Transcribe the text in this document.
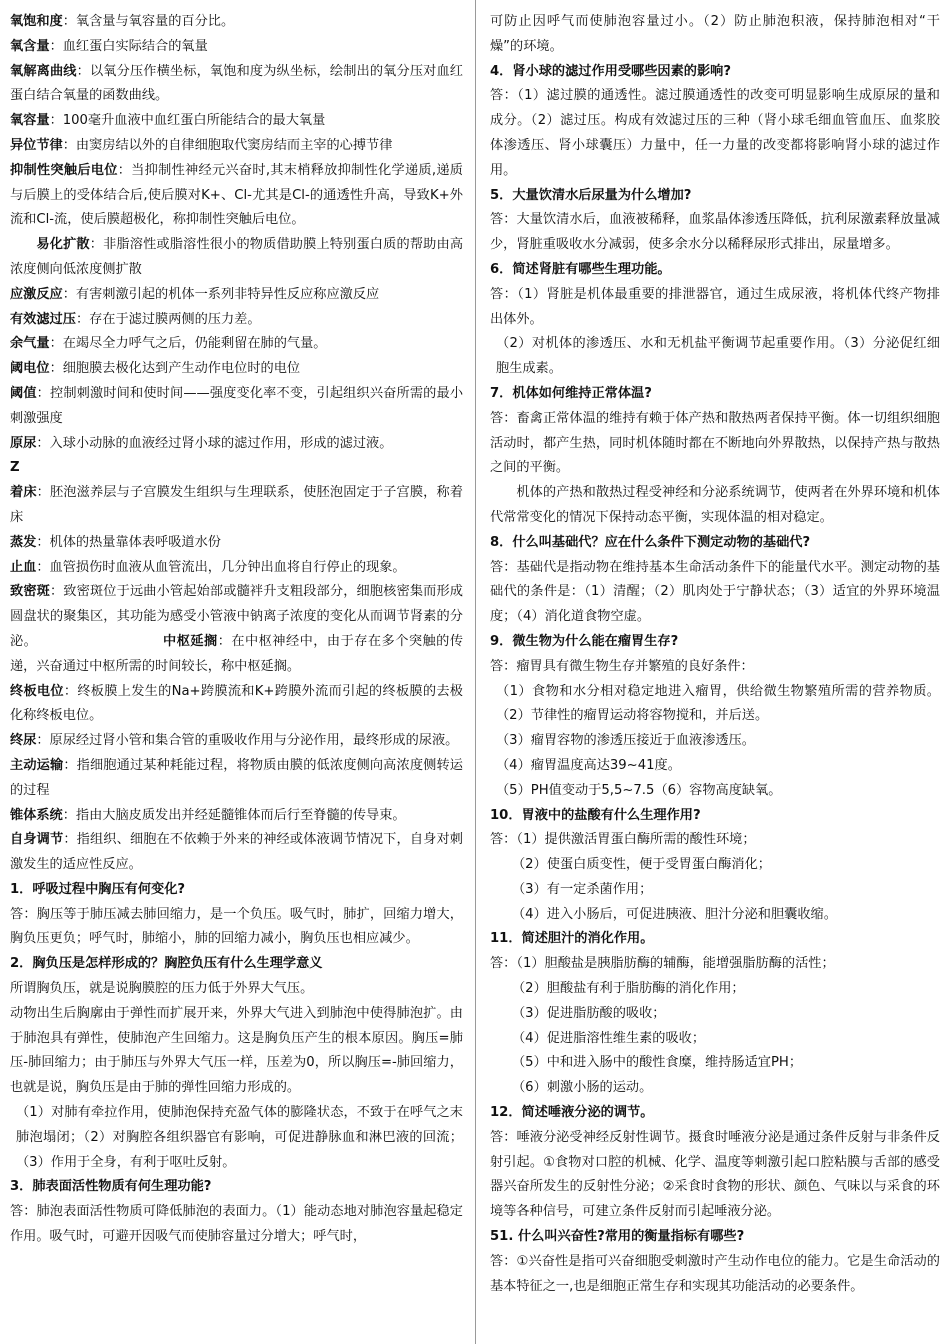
氧饱和度：氧含量与氧容量的百分比。
氧含量：血红蛋白实际结合的氧量
氧解离曲线：以氧分压作横坐标，氧饱和度为纵坐标，绘制出的氧分压对血红蛋白结合氧量的函数曲线。
氧容量：100毫升血液中血红蛋白所能结合的最大氧量
异位节律：由窦房结以外的自律细胞取代窦房结而主宰的心搏节律
抑制性突触后电位：当抑制性神经元兴奋时,其末梢释放抑制性化学递质,递质与后膜上的受体结合后,使后膜对K+、Cl-尤其是Cl-的通透性升高，导致K+外流和Cl-流，使后膜超极化，称抑制性突触后电位。
易化扩散：非脂溶性或脂溶性很小的物质借助膜上特别蛋白质的帮助由高浓度侧向低浓度侧扩散
应激反应：有害刺激引起的机体一系列非特异性反应称应激反应
有效滤过压：存在于滤过膜两侧的压力差。
余气量：在竭尽全力呼气之后，仍能剩留在肺的气量。
阈电位：细胞膜去极化达到产生动作电位时的电位
阈值：控制刺激时间和使时间——强度变化率不变，引起组织兴奋所需的最小刺激强度
原尿：入球小动脉的血液经过肾小球的滤过作用，形成的滤过液。
Z
着床：胚泡滋养层与子宫膜发生组织与生理联系，使胚泡固定于子宫膜，称着床
蒸发：机体的热量靠体表呼吸道水份
止血：血管损伤时血液从血管流出，几分钟出血将自行停止的现象。
致密斑：致密斑位于远曲小管起始部或髓袢升支粗段部分，细胞核密集而形成圆盘状的聚集区，其功能为感受小管液中钠离子浓度的变化从而调节肾素的分泌。          	中枢延搁：在中枢神经中，由于存在多个突触的传递，兴奋通过中枢所需的时间较长，称中枢延搁。
终板电位：终板膜上发生的Na+跨膜流和K+跨膜外流而引起的终板膜的去极化称终板电位。
终尿：原尿经过肾小管和集合管的重吸收作用与分泌作用，最终形成的尿液。
主动运输：指细胞通过某种耗能过程，将物质由膜的低浓度侧向高浓度侧转运的过程
锥体系统：指由大脑皮质发出并经延髓锥体而后行至脊髓的传导束。
自身调节：指组织、细胞在不依赖于外来的神经或体液调节情况下，自身对刺激发生的适应性反应。
1．呼吸过程中胸压有何变化?
答：胸压等于肺压减去肺回缩力，是一个负压。吸气时，肺扩，回缩力增大，胸负压更负；呼气时，肺缩小，肺的回缩力减小，胸负压也相应减少。
2．胸负压是怎样形成的？胸腔负压有什么生理学意义
所谓胸负压，就是说胸膜腔的压力低于外界大气压。
动物出生后胸廓由于弹性而扩展开来，外界大气进入到肺泡中使得肺泡扩。由于肺泡具有弹性，使肺泡产生回缩力。这是胸负压产生的根本原因。胸压=肺压-肺回缩力；由于肺压与外界大气压一样，压差为0，所以胸压=-肺回缩力，也就是说，胸负压是由于肺的弹性回缩力形成的。
（1）对肺有牵拉作用，使肺泡保持充盈气体的膨隆状态，不致于在呼气之末肺泡塌闭；（2）对胸腔各组织器官有影响，可促进静脉血和淋巴液的回流；（3）作用于全身，有利于呕吐反射。
3．肺表面活性物质有何生理功能?
答：肺泡表面活性物质可降低肺泡的表面力。（1）能动态地对肺泡容量起稳定作用。吸气时，可避开因吸气而使肺容量过分增大；呼气时，
可防止因呼气而使肺泡容量过小。（2）防止肺泡积液，保持肺泡相对“干燥”的环境。
4．肾小球的滤过作用受哪些因素的影响?
答：（1）滤过膜的通透性。滤过膜通透性的改变可明显影响生成原尿的量和成分。（2）滤过压。构成有效滤过压的三种（肾小球毛细血管血压、血浆胶体渗透压、肾小球囊压）力量中，任一力量的改变都将影响肾小球的滤过作用。
5．大量饮清水后尿量为什么增加?
答：大量饮清水后，血液被稀释，血浆晶体渗透压降低，抗利尿激素释放量减少，肾脏重吸收水分减弱，使多余水分以稀释尿形式排出，尿量增多。
6．简述肾脏有哪些生理功能。
答：（1）肾脏是机体最重要的排泄器官，通过生成尿液，将机体代终产物排出体外。
（2）对机体的渗透压、水和无机盐平衡调节起重要作用。（3）分泌促红细胞生成素。
7．机体如何维持正常体温?
答：畜禽正常体温的维持有赖于体产热和散热两者保持平衡。体一切组织细胞活动时，都产生热，同时机体随时都在不断地向外界散热，以保持产热与散热之间的平衡。
机体的产热和散热过程受神经和分泌系统调节，使两者在外界环境和机体代常常变化的情况下保持动态平衡，实现体温的相对稳定。
8．什么叫基础代？应在什么条件下测定动物的基础代?
答：基础代是指动物在维持基本生命活动条件下的能量代水平。测定动物的基础代的条件是：（1）清醒；（2）肌肉处于宁静状态；（3）适宜的外界环境温度；（4）消化道食物空虚。
9．微生物为什么能在瘤胃生存?
答：瘤胃具有微生物生存并繁殖的良好条件：
（1）食物和水分相对稳定地进入瘤胃，供给微生物繁殖所需的营养物质。（2）节律性的瘤胃运动将容物搅和，并后送。
（3）瘤胃容物的渗透压接近于血液渗透压。
（4）瘤胃温度高达39~41度。
（5）PH值变动于5,5~7.5（6）容物高度缺氧。
10．胃液中的盐酸有什么生理作用?
答：（1）提供激活胃蛋白酶所需的酸性环境；
（2）使蛋白质变性，便于受胃蛋白酶消化；
（3）有一定杀菌作用；
（4）进入小肠后，可促进胰液、胆汁分泌和胆囊收缩。
11．简述胆汁的消化作用。
答：（1）胆酸盐是胰脂肪酶的辅酶，能增强脂肪酶的活性；
（2）胆酸盐有利于脂肪酶的消化作用；
（3）促进脂肪酸的吸收；
（4）促进脂溶性维生素的吸收；
（5）中和进入肠中的酸性食糜，维持肠适宜PH；
（6）刺激小肠的运动。
12．简述唾液分泌的调节。
答：唾液分泌受神经反射性调节。摄食时唾液分泌是通过条件反射与非条件反射引起。①食物对口腔的机械、化学、温度等刺激引起口腔粘膜与舌部的感受器兴奋所发生的反射性分泌；②采食时食物的形状、颜色、气味以与采食的环境等各种信号，可建立条件反射而引起唾液分泌。
51. 什么叫兴奋性?常用的衡量指标有哪些?
答：①兴奋性是指可兴奋细胞受刺激时产生动作电位的能力。它是生命活动的基本特征之一,也是细胞正常生存和实现其功能活动的必要条件。
